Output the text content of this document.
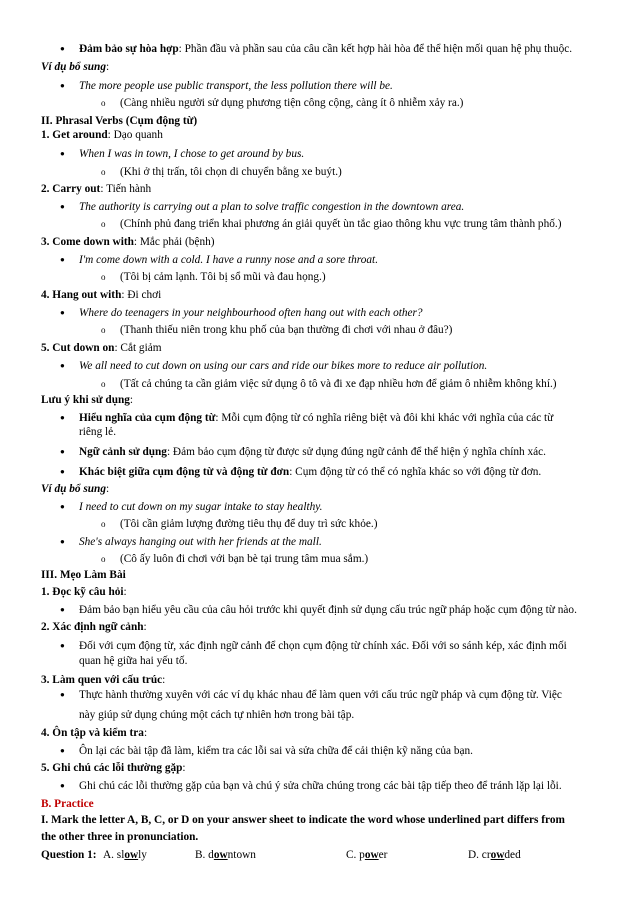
● Đảm bảo sự hòa hợp: Phần đầu và phần sau của câu cần kết hợp hài hòa để thể hiện mối quan hệ phụ thuộc.
Ví dụ bổ sung:
● The more people use public transport, the less pollution there will be.
o (Càng nhiều người sử dụng phương tiện công cộng, càng ít ô nhiễm xảy ra.)
II. Phrasal Verbs (Cụm động từ)
1. Get around: Dạo quanh
● When I was in town, I chose to get around by bus.
o (Khi ở thị trấn, tôi chọn di chuyển bằng xe buýt.)
2. Carry out: Tiến hành
● The authority is carrying out a plan to solve traffic congestion in the downtown area.
o (Chính phủ đang triển khai phương án giải quyết ùn tắc giao thông khu vực trung tâm thành phố.)
3. Come down with: Mắc phải (bệnh)
● I'm come down with a cold. I have a runny nose and a sore throat.
o (Tôi bị cảm lạnh. Tôi bị sổ mũi và đau họng.)
4. Hang out with: Đi chơi
● Where do teenagers in your neighbourhood often hang out with each other?
o (Thanh thiếu niên trong khu phố của bạn thường đi chơi với nhau ở đâu?)
5. Cut down on: Cắt giảm
● We all need to cut down on using our cars and ride our bikes more to reduce air pollution.
o (Tất cả chúng ta cần giảm việc sử dụng ô tô và đi xe đạp nhiều hơn để giảm ô nhiễm không khí.)
Lưu ý khi sử dụng:
● Hiểu nghĩa của cụm động từ: Mỗi cụm động từ có nghĩa riêng biệt và đôi khi khác với nghĩa của các từ
riêng lẻ.
● Ngữ cảnh sử dụng: Đảm bảo cụm động từ được sử dụng đúng ngữ cảnh để thể hiện ý nghĩa chính xác.
● Khác biệt giữa cụm động từ và động từ đơn: Cụm động từ có thể có nghĩa khác so với động từ đơn.
Ví dụ bổ sung:
● I need to cut down on my sugar intake to stay healthy.
o (Tôi cần giảm lượng đường tiêu thụ để duy trì sức khỏe.)
● She's always hanging out with her friends at the mall.
o (Cô ấy luôn đi chơi với bạn bè tại trung tâm mua sắm.)
III. Mẹo Làm Bài
1. Đọc kỹ câu hỏi:
● Đảm bảo bạn hiểu yêu cầu của câu hỏi trước khi quyết định sử dụng cấu trúc ngữ pháp hoặc cụm động từ nào.
2. Xác định ngữ cảnh:
● Đối với cụm động từ, xác định ngữ cảnh để chọn cụm động từ chính xác. Đối với so sánh kép, xác định mối
quan hệ giữa hai yếu tố.
3. Làm quen với cấu trúc:
● Thực hành thường xuyên với các ví dụ khác nhau để làm quen với cấu trúc ngữ pháp và cụm động từ. Việc
này giúp sử dụng chúng một cách tự nhiên hơn trong bài tập.
4. Ôn tập và kiểm tra:
● Ôn lại các bài tập đã làm, kiểm tra các lỗi sai và sửa chữa để cải thiện kỹ năng của bạn.
5. Ghi chú các lỗi thường gặp:
● Ghi chú các lỗi thường gặp của bạn và chú ý sửa chữa chúng trong các bài tập tiếp theo để tránh lặp lại lỗi.
B. Practice
I. Mark the letter A, B, C, or D on your answer sheet to indicate the word whose underlined part differs from
the other three in pronunciation.
Question 1: A. slowly	B. downtown	C. power	D. crowded
